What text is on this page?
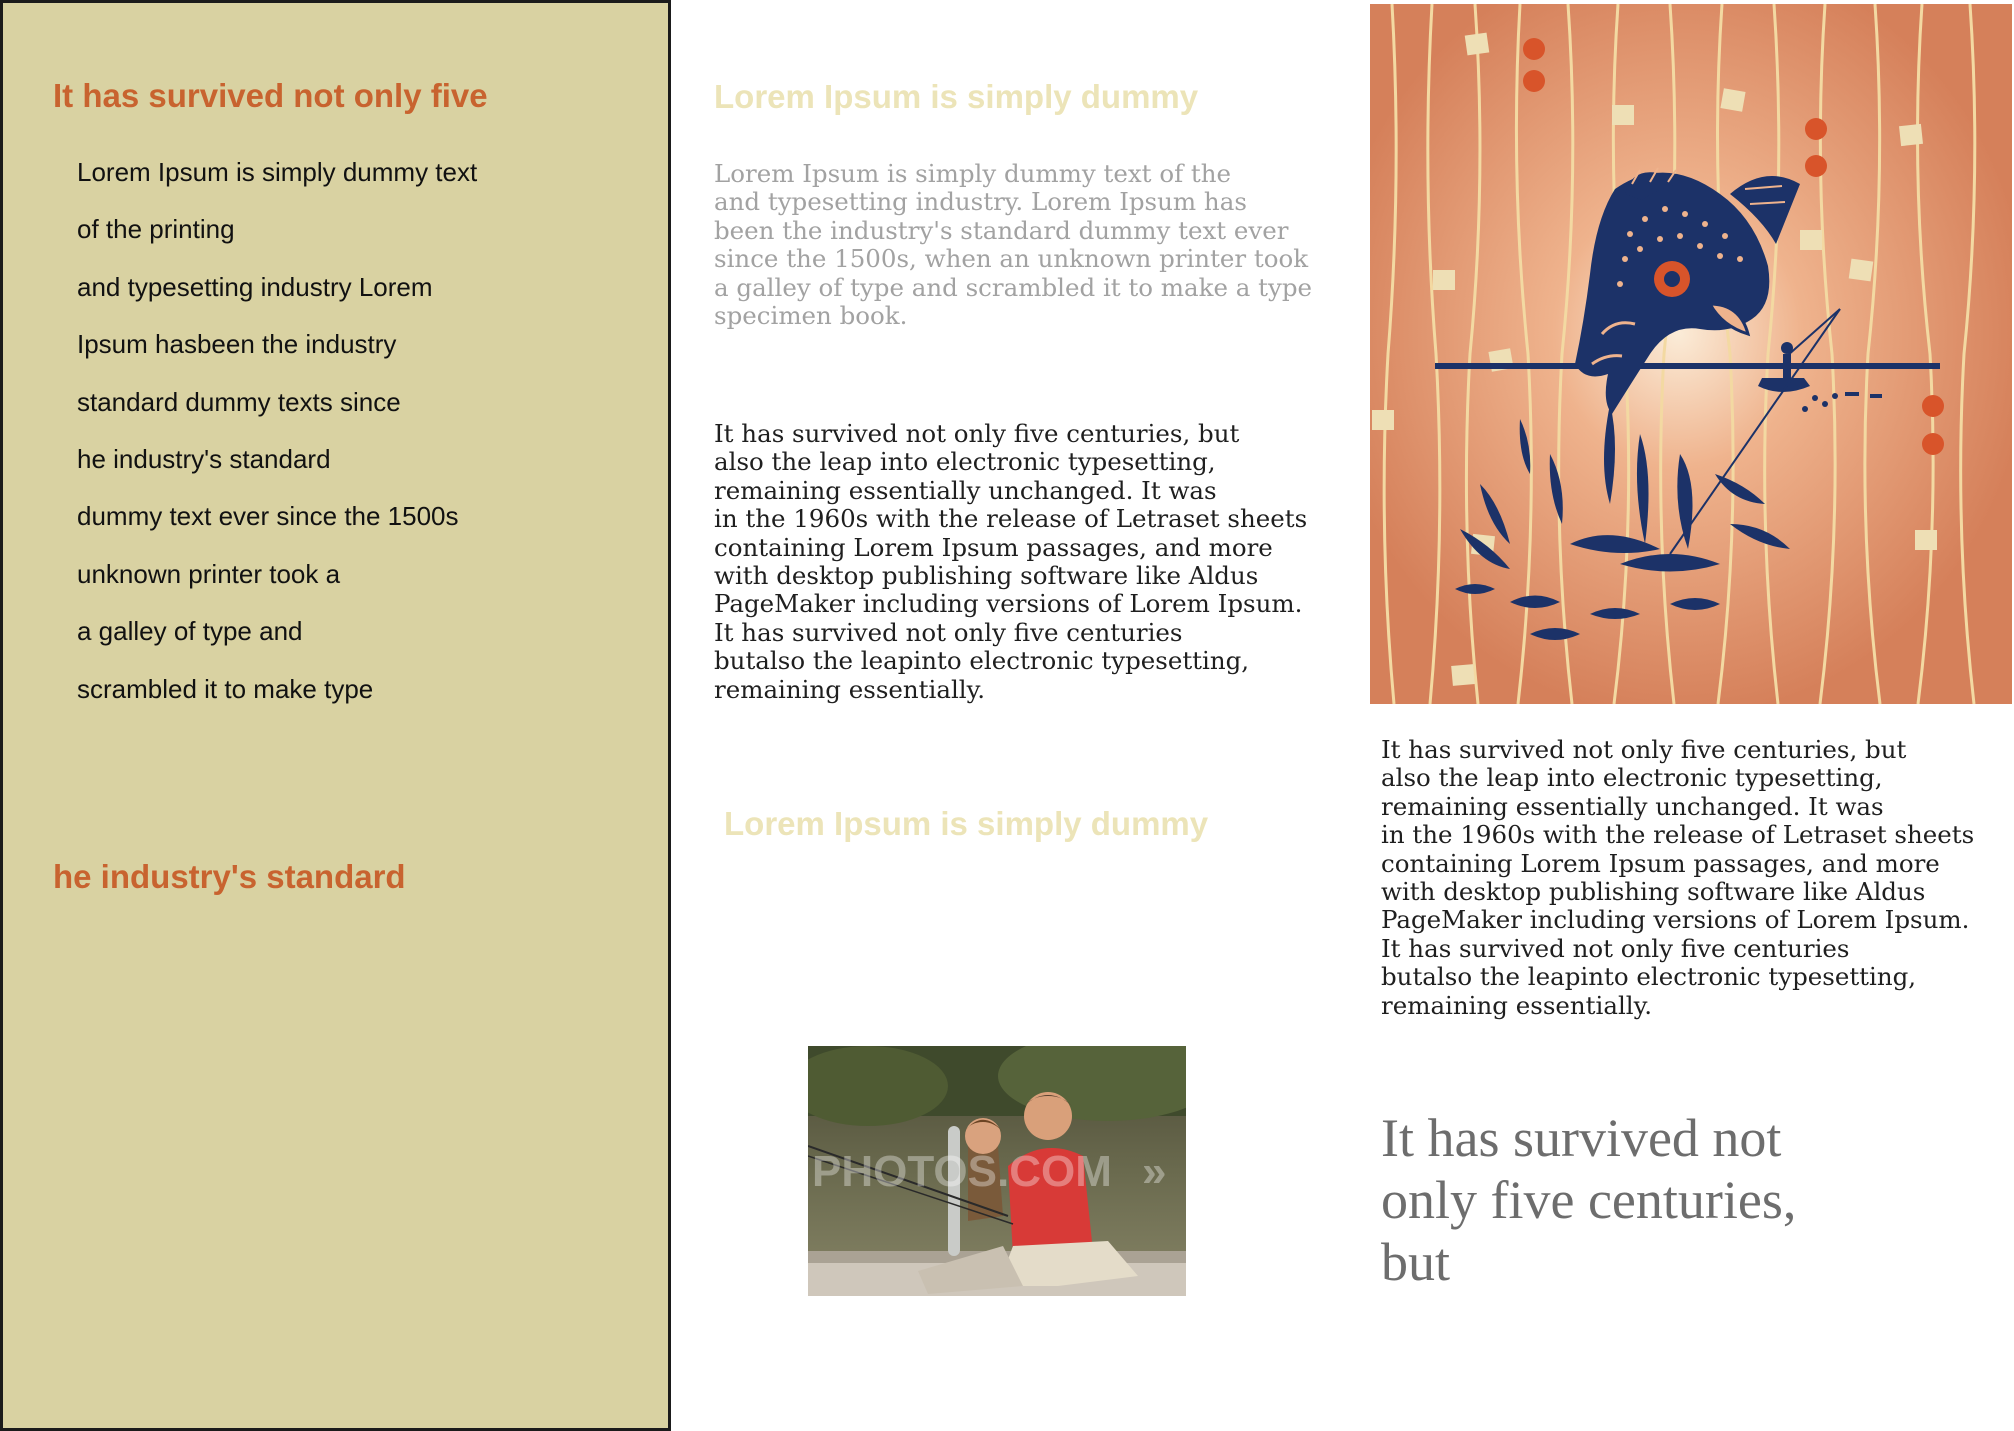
It has survived not only five
Lorem Ipsum is simply dummy text
of the printing
and typesetting industry Lorem
Ipsum hasbeen the industry
standard dummy texts since
he industry's standard
dummy text ever since the 1500s
unknown printer took a
a galley of type and
scrambled it to make type
he industry's standard
Lorem Ipsum is simply dummy

Lorem Ipsum is simply dummy text of the
and typesetting industry. Lorem Ipsum has
been the industry's standard dummy text ever
since the 1500s, when an unknown printer took
a galley of type and scrambled it to make a type
specimen book.

It has survived not only five centuries, but
also the leap into electronic typesetting,
remaining essentially unchanged. It was
in the 1960s with the release of Letraset sheets
containing Lorem Ipsum passages, and more
with desktop publishing software like Aldus
PageMaker including versions of Lorem Ipsum.
It has survived not only five centuries
butalso the leapinto electronic typesetting,
remaining essentially.

Lorem Ipsum is simply dummy
PHOTOS.COM »

It has survived not only five centuries, but
also the leap into electronic typesetting,
remaining essentially unchanged. It was
in the 1960s with the release of Letraset sheets
containing Lorem Ipsum passages, and more
with desktop publishing software like Aldus
PageMaker including versions of Lorem Ipsum.
It has survived not only five centuries
butalso the leapinto electronic typesetting,
remaining essentially.

It has survived not
only five centuries,
but
